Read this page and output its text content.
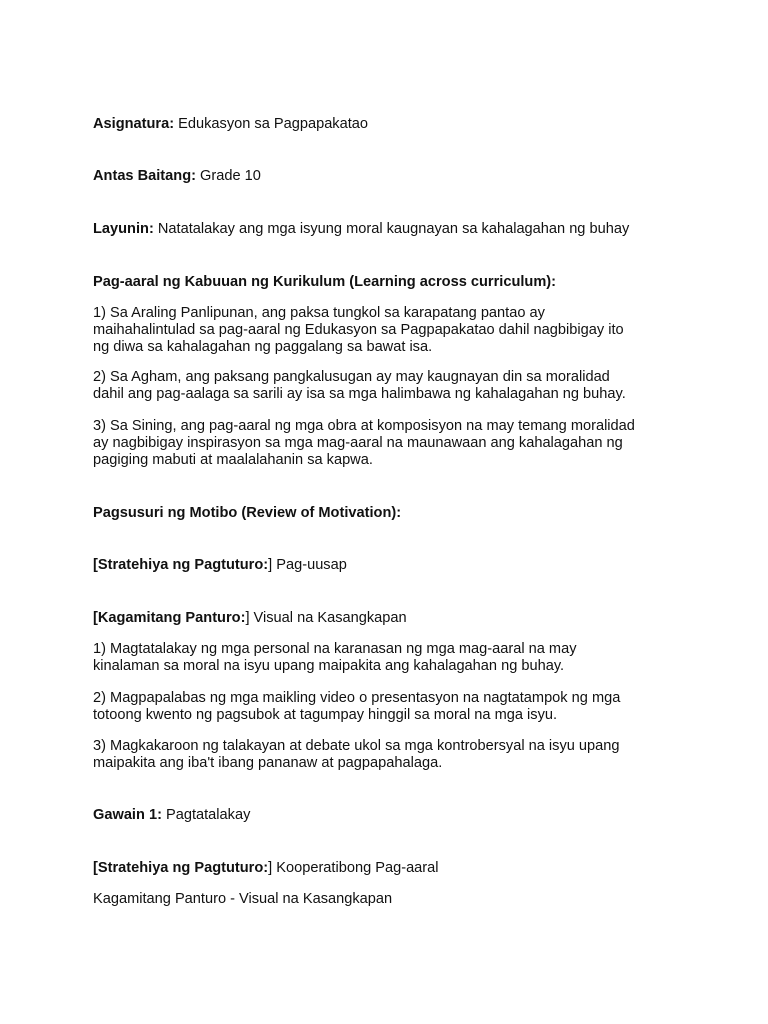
Asignatura: Edukasyon sa Pagpapakatao
Antas Baitang: Grade 10
Layunin: Natatalakay ang mga isyung moral kaugnayan sa kahalagahan ng buhay
Pag-aaral ng Kabuuan ng Kurikulum (Learning across curriculum):
1) Sa Araling Panlipunan, ang paksa tungkol sa karapatang pantao ay
maihahalintulad sa pag-aaral ng Edukasyon sa Pagpapakatao dahil nagbibigay ito
ng diwa sa kahalagahan ng paggalang sa bawat isa.
2) Sa Agham, ang paksang pangkalusugan ay may kaugnayan din sa moralidad
dahil ang pag-aalaga sa sarili ay isa sa mga halimbawa ng kahalagahan ng buhay.
3) Sa Sining, ang pag-aaral ng mga obra at komposisyon na may temang moralidad
ay nagbibigay inspirasyon sa mga mag-aaral na maunawaan ang kahalagahan ng
pagiging mabuti at maalalahanin sa kapwa.
Pagsusuri ng Motibo (Review of Motivation):
[Stratehiya ng Pagtuturo:] Pag-uusap
[Kagamitang Panturo:] Visual na Kasangkapan
1) Magtatalakay ng mga personal na karanasan ng mga mag-aaral na may
kinalaman sa moral na isyu upang maipakita ang kahalagahan ng buhay.
2) Magpapalabas ng mga maikling video o presentasyon na nagtatampok ng mga
totoong kwento ng pagsubok at tagumpay hinggil sa moral na mga isyu.
3) Magkakaroon ng talakayan at debate ukol sa mga kontrobersyal na isyu upang
maipakita ang iba't ibang pananaw at pagpapahalaga.
Gawain 1: Pagtatalakay
[Stratehiya ng Pagtuturo:] Kooperatibong Pag-aaral
Kagamitang Panturo - Visual na Kasangkapan
